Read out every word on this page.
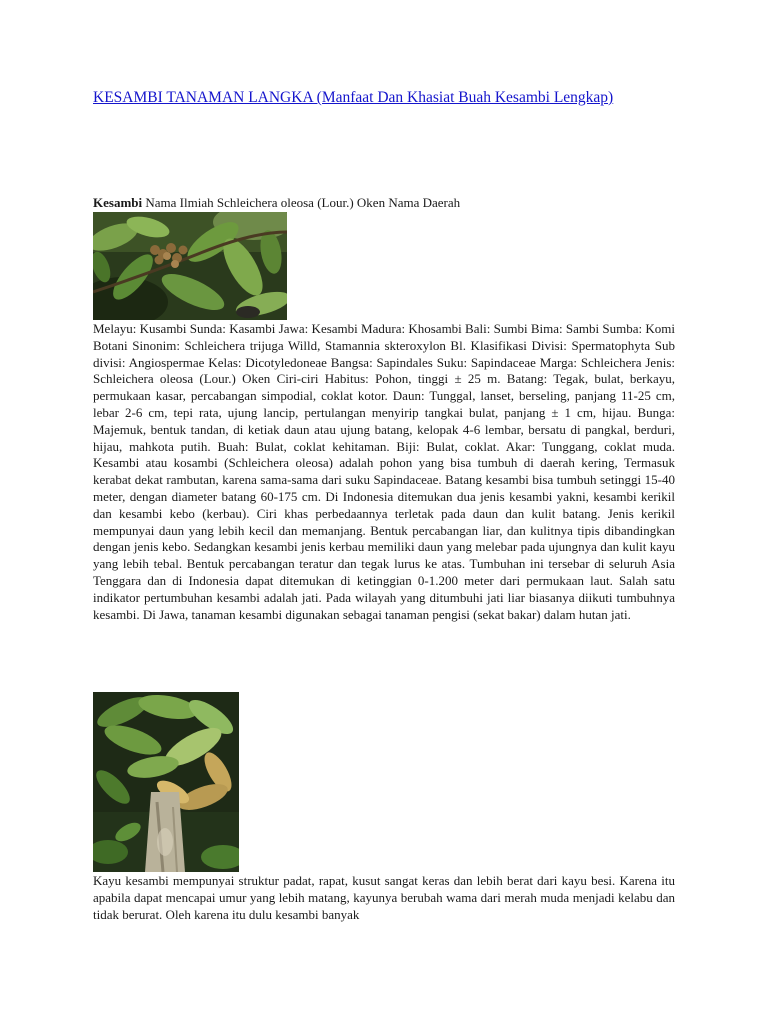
KESAMBI TANAMAN LANGKA (Manfaat Dan Khasiat Buah Kesambi Lengkap)
Kesambi Nama Ilmiah Schleichera oleosa (Lour.) Oken Nama Daerah

Melayu: Kusambi Sunda: Kasambi Jawa: Kesambi Madura: Khosambi Bali: Sumbi Bima: Sambi Sumba: Komi Botani Sinonim: Schleichera trijuga Willd, Stamannia skteroxylon Bl. Klasifikasi Divisi: Spermatophyta Sub divisi: Angiospermae Kelas: Dicotyledoneae Bangsa: Sapindales Suku: Sapindaceae Marga: Schleichera Jenis: Schleichera oleosa (Lour.) Oken Ciri-ciri Habitus: Pohon, tinggi ± 25 m. Batang: Tegak, bulat, berkayu, permukaan kasar, percabangan simpodial, coklat kotor. Daun: Tunggal, lanset, berseling, panjang 11-25 cm, lebar 2-6 cm, tepi rata, ujung lancip, pertulangan menyirip tangkai bulat, panjang ± 1 cm, hijau. Bunga: Majemuk, bentuk tandan, di ketiak daun atau ujung batang, kelopak 4-6 lembar, bersatu di pangkal, berduri, hijau, mahkota putih. Buah: Bulat, coklat kehitaman. Biji: Bulat, coklat. Akar: Tunggang, coklat muda. Kesambi atau kosambi (Schleichera oleosa) adalah pohon yang bisa tumbuh di daerah kering, Termasuk kerabat dekat rambutan, karena sama-sama dari suku Sapindaceae. Batang kesambi bisa tumbuh setinggi 15-40 meter, dengan diameter batang 60-175 cm. Di Indonesia ditemukan dua jenis kesambi yakni, kesambi kerikil dan kesambi kebo (kerbau). Ciri khas perbedaannya terletak pada daun dan kulit batang. Jenis kerikil mempunyai daun yang lebih kecil dan memanjang. Bentuk percabangan liar, dan kulitnya tipis dibandingkan dengan jenis kebo. Sedangkan kesambi jenis kerbau memiliki daun yang melebar pada ujungnya dan kulit kayu yang lebih tebal. Bentuk percabangan teratur dan tegak lurus ke atas. Tumbuhan ini tersebar di seluruh Asia Tenggara dan di Indonesia dapat ditemukan di ketinggian 0-1.200 meter dari permukaan laut. Salah satu indikator pertumbuhan kesambi adalah jati. Pada wilayah yang ditumbuhi jati liar biasanya diikuti tumbuhnya kesambi. Di Jawa, tanaman kesambi digunakan sebagai tanaman pengisi (sekat bakar) dalam hutan jati.

Kayu kesambi mempunyai struktur padat, rapat, kusut sangat keras dan lebih berat dari kayu besi. Karena itu apabila dapat mencapai umur yang lebih matang, kayunya berubah wama dari merah muda menjadi kelabu dan tidak berurat. Oleh karena itu dulu kesambi banyak
